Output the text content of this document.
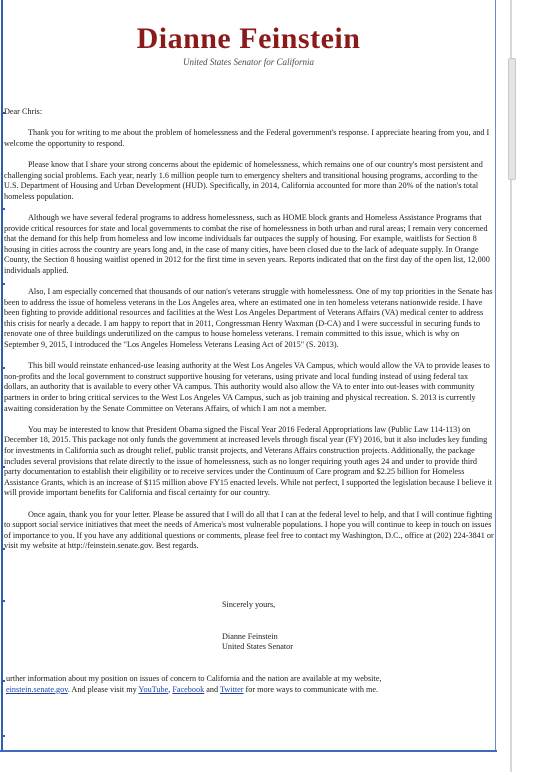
Dianne Feinstein
United States Senator for California

Dear Chris:

Thank you for writing to me about the problem of homelessness and the Federal government's response. I appreciate hearing from you, and I welcome the opportunity to respond.

Please know that I share your strong concerns about the epidemic of homelessness, which remains one of our country's most persistent and challenging social problems. Each year, nearly 1.6 million people turn to emergency shelters and transitional housing programs, according to the U.S. Department of Housing and Urban Development (HUD). Specifically, in 2014, California accounted for more than 20% of the nation's total homeless population.

Although we have several federal programs to address homelessness, such as HOME block grants and Homeless Assistance Programs that provide critical resources for state and local governments to combat the rise of homelessness in both urban and rural areas; I remain very concerned that the demand for this help from homeless and low income individuals far outpaces the supply of housing. For example, waitlists for Section 8 housing in cities across the country are years long and, in the case of many cities, have been closed due to the lack of adequate supply. In Orange County, the Section 8 housing waitlist opened in 2012 for the first time in seven years. Reports indicated that on the first day of the open list, 12,000 individuals applied.

Also, I am especially concerned that thousands of our nation's veterans struggle with homelessness. One of my top priorities in the Senate has been to address the issue of homeless veterans in the Los Angeles area, where an estimated one in ten homeless veterans nationwide reside. I have been fighting to provide additional resources and facilities at the West Los Angeles Department of Veterans Affairs (VA) medical center to address this crisis for nearly a decade. I am happy to report that in 2011, Congressman Henry Waxman (D-CA) and I were successful in securing funds to renovate one of three buildings underutilized on the campus to house homeless veterans. I remain committed to this issue, which is why on September 9, 2015, I introduced the "Los Angeles Homeless Veterans Leasing Act of 2015" (S. 2013).

This bill would reinstate enhanced-use leasing authority at the West Los Angeles VA Campus, which would allow the VA to provide leases to non-profits and the local government to construct supportive housing for veterans, using private and local funding instead of using federal tax dollars, an authority that is available to every other VA campus. This authority would also allow the VA to enter into out-leases with community partners in order to bring critical services to the West Los Angeles VA Campus, such as job training and physical recreation. S. 2013 is currently awaiting consideration by the Senate Committee on Veterans Affairs, of which I am not a member.

You may be interested to know that President Obama signed the Fiscal Year 2016 Federal Appropriations law (Public Law 114-113) on December 18, 2015. This package not only funds the government at increased levels through fiscal year (FY) 2016, but it also includes key funding for investments in California such as drought relief, public transit projects, and Veterans Affairs construction projects. Additionally, the package includes several provisions that relate directly to the issue of homelessness, such as no longer requiring youth ages 24 and under to provide third party documentation to establish their eligibility or to receive services under the Continuum of Care program and $2.25 billion for Homeless Assistance Grants, which is an increase of $115 million above FY15 enacted levels. While not perfect, I supported the legislation because I believe it will provide important benefits for California and fiscal certainty for our country.

Once again, thank you for your letter. Please be assured that I will do all that I can at the federal level to help, and that I will continue fighting to support social service initiatives that meet the needs of America's most vulnerable populations. I hope you will continue to keep in touch on issues of importance to you. If you have any additional questions or comments, please feel free to contact my Washington, D.C., office at (202) 224-3841 or visit my website at http://feinstein.senate.gov. Best regards.

Sincerely yours,
Dianne Feinstein
United States Senator
urther information about my position on issues of concern to California and the nation are available at my website,
einstein.senate.gov. And please visit my YouTube, Facebook and Twitter for more ways to communicate with me.
